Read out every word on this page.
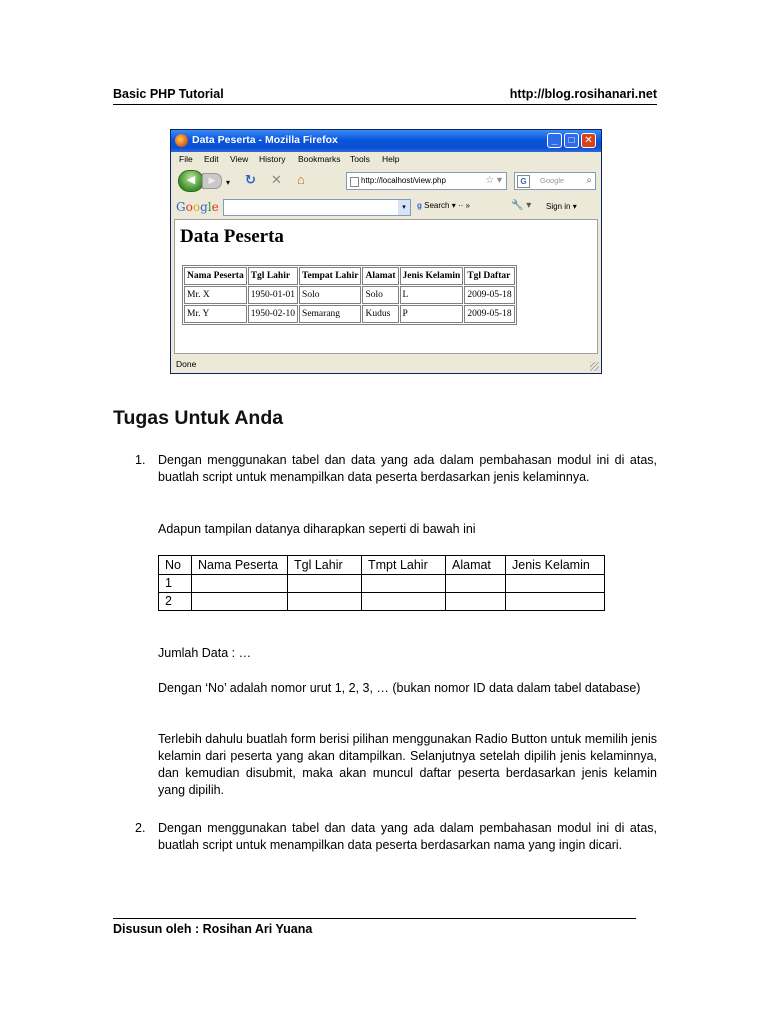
Basic PHP Tutorial	http://blog.rosihanari.net
Data Peserta - Mozilla Firefox	_	□ ✕
File Edit View History Bookmarks Tools Help
◀	▶	▾ ↻ ✕ ⌂	http://localhost/view.php	☆ ▾	G	Google ⌕
Google	▾	g Search ▾ ·· »	🔧 ▾ Sign in ▾
Data Peserta
Nama Peserta	Tgl Lahir	Tempat Lahir	Alamat	Jenis Kelamin	Tgl Daftar
Mr. X	1950-01-01	Solo	Solo	L	2009-05-18
Mr. Y	1950-02-10	Semarang	Kudus	P	2009-05-18
Done
Tugas Untuk Anda
1. Dengan menggunakan tabel dan data yang ada dalam pembahasan modul ini di atas, buatlah script untuk menampilkan data peserta berdasarkan jenis kelaminnya.
Adapun tampilan datanya diharapkan seperti di bawah ini
No	Nama Peserta	Tgl Lahir	Tmpt Lahir	Alamat	Jenis Kelamin
1					
2					
Jumlah Data : …
Dengan ‘No’ adalah nomor urut 1, 2, 3, … (bukan nomor ID data dalam tabel database)
Terlebih dahulu buatlah form berisi pilihan menggunakan Radio Button untuk memilih jenis kelamin dari peserta yang akan ditampilkan. Selanjutnya setelah dipilih jenis kelaminnya, dan kemudian disubmit, maka akan muncul daftar peserta berdasarkan jenis kelamin yang dipilih.
2. Dengan menggunakan tabel dan data yang ada dalam pembahasan modul ini di atas, buatlah script untuk menampilkan data peserta berdasarkan nama yang ingin dicari.
Disusun oleh : Rosihan Ari Yuana
